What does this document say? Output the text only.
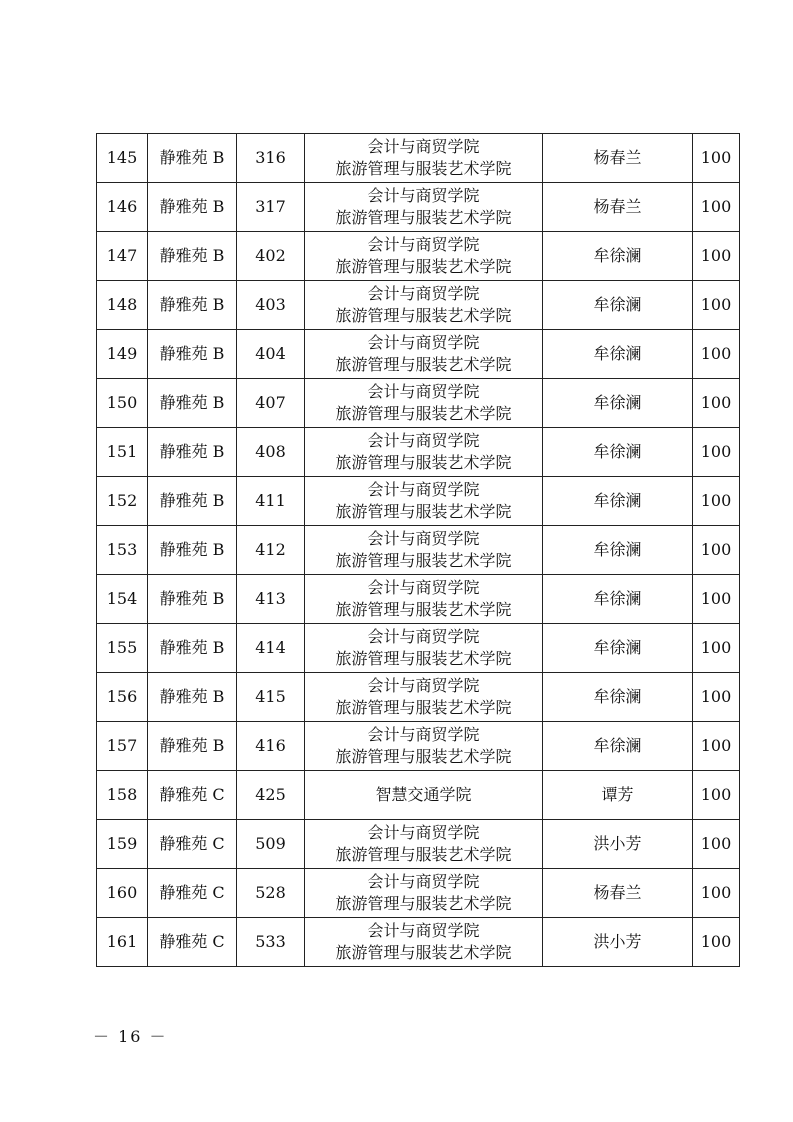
145	静雅苑 B	316	会计与商贸学院
旅游管理与服装艺术学院	杨春兰	100
146	静雅苑 B	317	会计与商贸学院
旅游管理与服装艺术学院	杨春兰	100
147	静雅苑 B	402	会计与商贸学院
旅游管理与服装艺术学院	牟徐澜	100
148	静雅苑 B	403	会计与商贸学院
旅游管理与服装艺术学院	牟徐澜	100
149	静雅苑 B	404	会计与商贸学院
旅游管理与服装艺术学院	牟徐澜	100
150	静雅苑 B	407	会计与商贸学院
旅游管理与服装艺术学院	牟徐澜	100
151	静雅苑 B	408	会计与商贸学院
旅游管理与服装艺术学院	牟徐澜	100
152	静雅苑 B	411	会计与商贸学院
旅游管理与服装艺术学院	牟徐澜	100
153	静雅苑 B	412	会计与商贸学院
旅游管理与服装艺术学院	牟徐澜	100
154	静雅苑 B	413	会计与商贸学院
旅游管理与服装艺术学院	牟徐澜	100
155	静雅苑 B	414	会计与商贸学院
旅游管理与服装艺术学院	牟徐澜	100
156	静雅苑 B	415	会计与商贸学院
旅游管理与服装艺术学院	牟徐澜	100
157	静雅苑 B	416	会计与商贸学院
旅游管理与服装艺术学院	牟徐澜	100
158	静雅苑 C	425	智慧交通学院	谭芳	100
159	静雅苑 C	509	会计与商贸学院
旅游管理与服装艺术学院	洪小芳	100
160	静雅苑 C	528	会计与商贸学院
旅游管理与服装艺术学院	杨春兰	100
161	静雅苑 C	533	会计与商贸学院
旅游管理与服装艺术学院	洪小芳	100
－ 16 －
